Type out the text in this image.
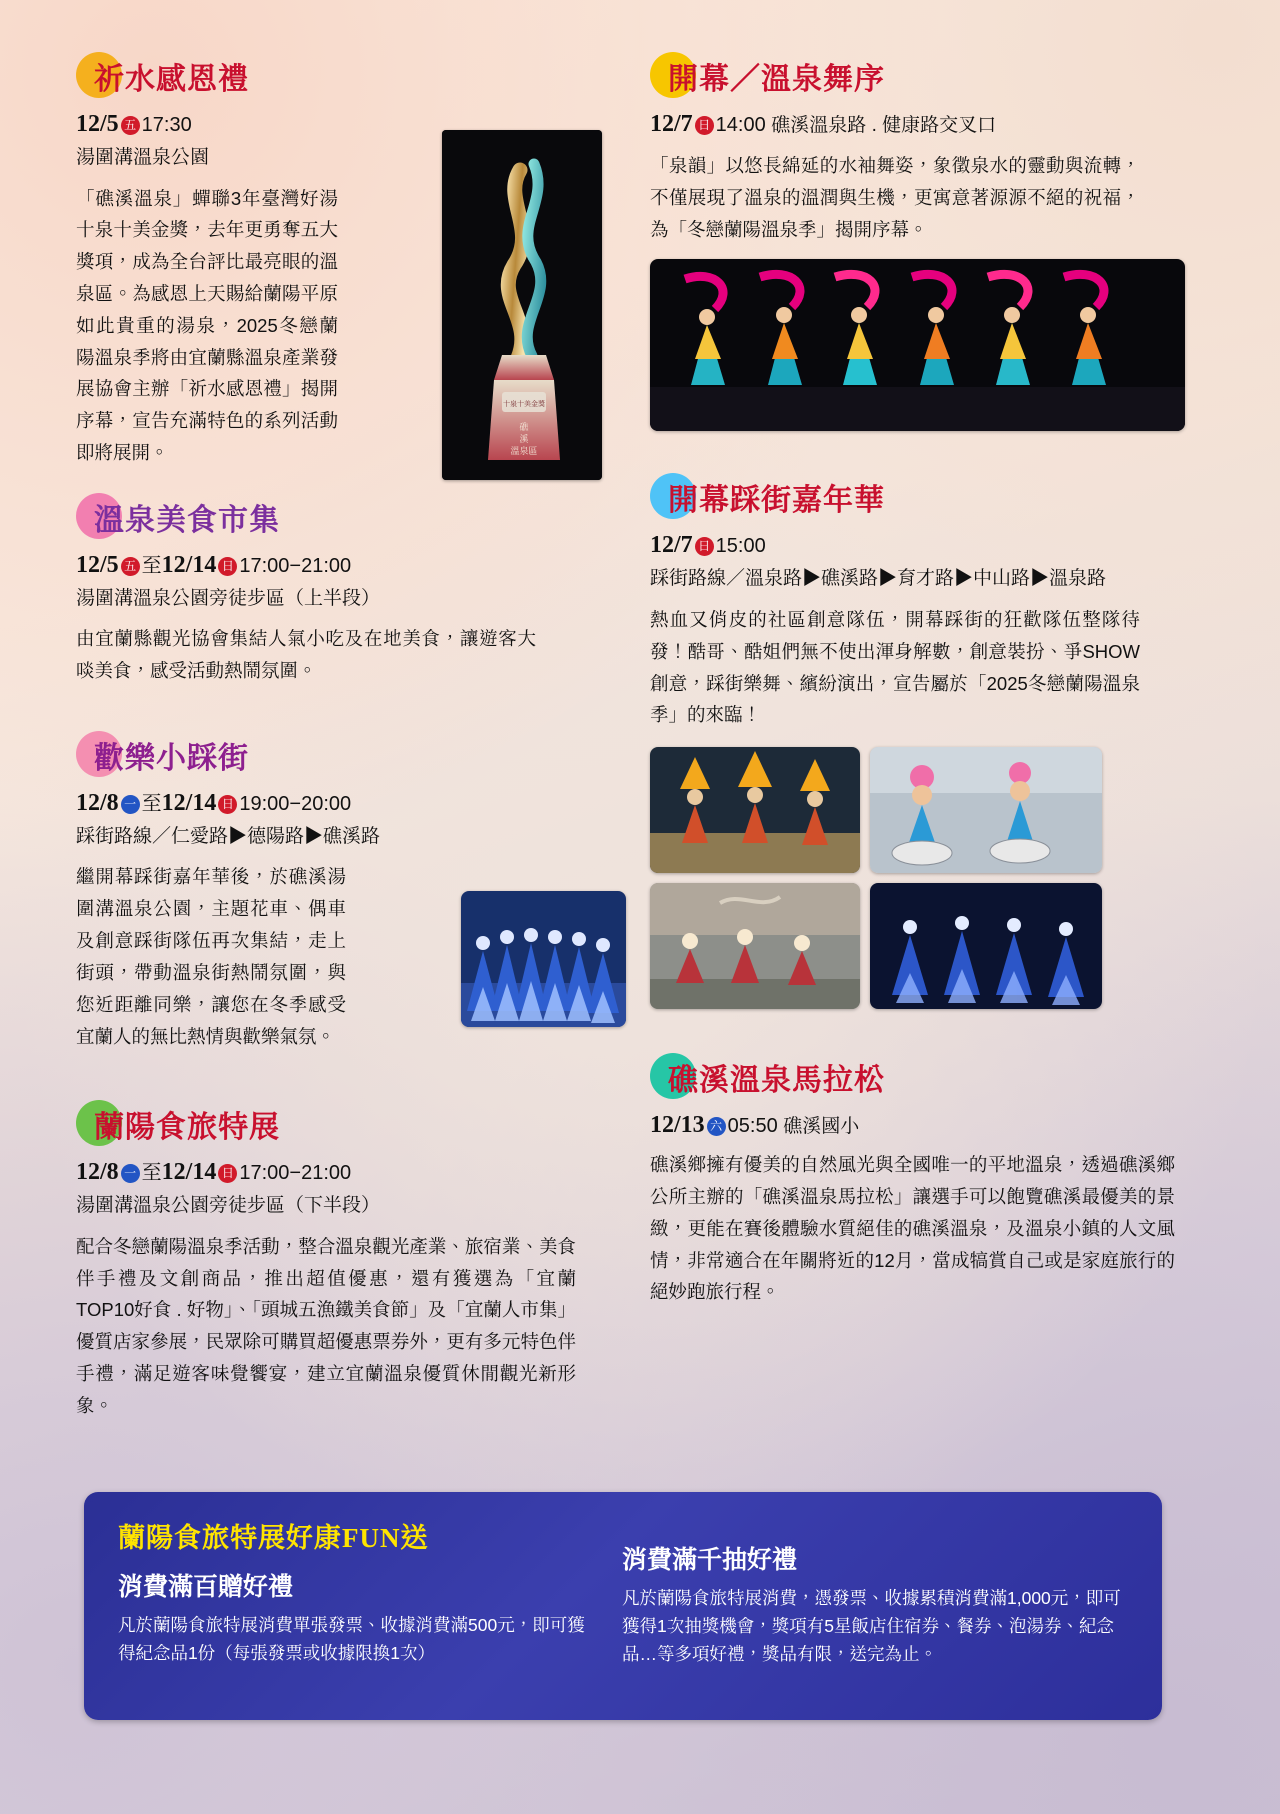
祈水感恩禮
12/5 五 17:30
湯圍溝溫泉公園
「礁溪溫泉」蟬聯3年臺灣好湯十泉十美金獎，去年更勇奪五大獎項，成為全台評比最亮眼的溫泉區。為感恩上天賜給蘭陽平原如此貴重的湯泉，2025冬戀蘭陽溫泉季將由宜蘭縣溫泉產業發展協會主辦「祈水感恩禮」揭開序幕，宣告充滿特色的系列活動即將展開。
十泉十美金獎
礁
溪
溫泉區
溫泉美食市集
12/5 五 至12/14 日 17:00−21:00
湯圍溝溫泉公園旁徒步區（上半段）
由宜蘭縣觀光協會集結人氣小吃及在地美食，讓遊客大啖美食，感受活動熱鬧氛圍。
歡樂小踩街
12/8 一 至12/14 日 19:00−20:00
踩街路線／仁愛路▶德陽路▶礁溪路
繼開幕踩街嘉年華後，於礁溪湯圍溝溫泉公園，主題花車、偶車及創意踩街隊伍再次集結，走上街頭，帶動溫泉街熱鬧氛圍，與您近距離同樂，讓您在冬季感受宜蘭人的無比熱情與歡樂氣氛。
蘭陽食旅特展
12/8 一 至12/14 日 17:00−21:00
湯圍溝溫泉公園旁徒步區（下半段）
配合冬戀蘭陽溫泉季活動，整合溫泉觀光產業、旅宿業、美食伴手禮及文創商品，推出超值優惠，還有獲選為「宜蘭TOP10好食 . 好物」、「頭城五漁鐵美食節」及「宜蘭人市集」優質店家參展，民眾除可購買超優惠票券外，更有多元特色伴手禮，滿足遊客味覺饗宴，建立宜蘭溫泉優質休閒觀光新形象。
開幕／溫泉舞序
12/7 日 14:00 礁溪溫泉路 . 健康路交叉口
「泉韻」以悠長綿延的水袖舞姿，象徵泉水的靈動與流轉，不僅展現了溫泉的溫潤與生機，更寓意著源源不絕的祝福，為「冬戀蘭陽溫泉季」揭開序幕。
開幕踩街嘉年華
12/7 日 15:00
踩街路線／溫泉路▶礁溪路▶育才路▶中山路▶溫泉路
熱血又俏皮的社區創意隊伍，開幕踩街的狂歡隊伍整隊待發！酷哥、酷姐們無不使出渾身解數，創意裝扮、爭SHOW創意，踩街樂舞、繽紛演出，宣告屬於「2025冬戀蘭陽溫泉季」的來臨！
礁溪溫泉馬拉松
12/13 六 05:50 礁溪國小
礁溪鄉擁有優美的自然風光與全國唯一的平地溫泉，透過礁溪鄉公所主辦的「礁溪溫泉馬拉松」讓選手可以飽覽礁溪最優美的景緻，更能在賽後體驗水質絕佳的礁溪溫泉，及溫泉小鎮的人文風情，非常適合在年關將近的12月，當成犒賞自己或是家庭旅行的絕妙跑旅行程。
蘭陽食旅特展好康FUN送
消費滿百贈好禮
凡於蘭陽食旅特展消費單張發票、收據消費滿500元，即可獲得紀念品1份（每張發票或收據限換1次）
消費滿千抽好禮
凡於蘭陽食旅特展消費，憑發票、收據累積消費滿1,000元，即可獲得1次抽獎機會，獎項有5星飯店住宿券、餐券、泡湯券、紀念品…等多項好禮，獎品有限，送完為止。
